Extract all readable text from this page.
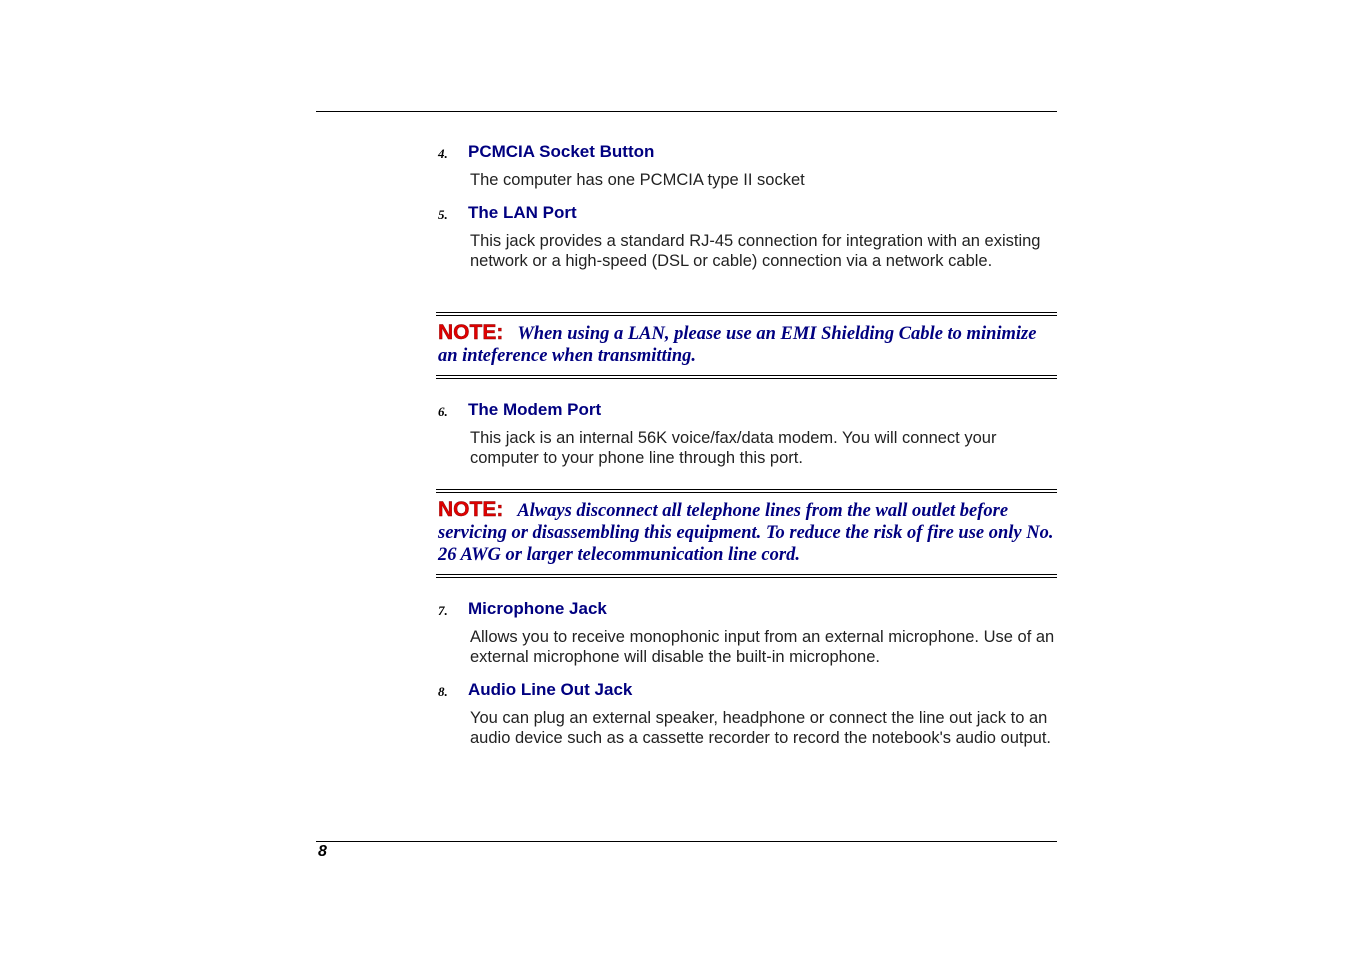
4. PCMCIA Socket Button
The computer has one PCMCIA type II socket
5. The LAN Port
This jack provides a standard RJ-45 connection for integration with an existing network or a high-speed (DSL or cable) connection via a network cable.
NOTE: When using a LAN, please use an EMI Shielding Cable to minimize an inteference when transmitting.
6. The Modem Port
This jack is an internal 56K voice/fax/data modem. You will connect your computer to your phone line through this port.
NOTE: Always disconnect all telephone lines from the wall outlet before servicing or disassembling this equipment. To reduce the risk of fire use only No. 26 AWG or larger telecommunication line cord.
7. Microphone Jack
Allows you to receive monophonic input from an external microphone. Use of an external microphone will disable the built-in microphone.
8. Audio Line Out Jack
You can plug an external speaker, headphone or connect the line out jack to an audio device such as a cassette recorder to record the notebook's audio output.
8
